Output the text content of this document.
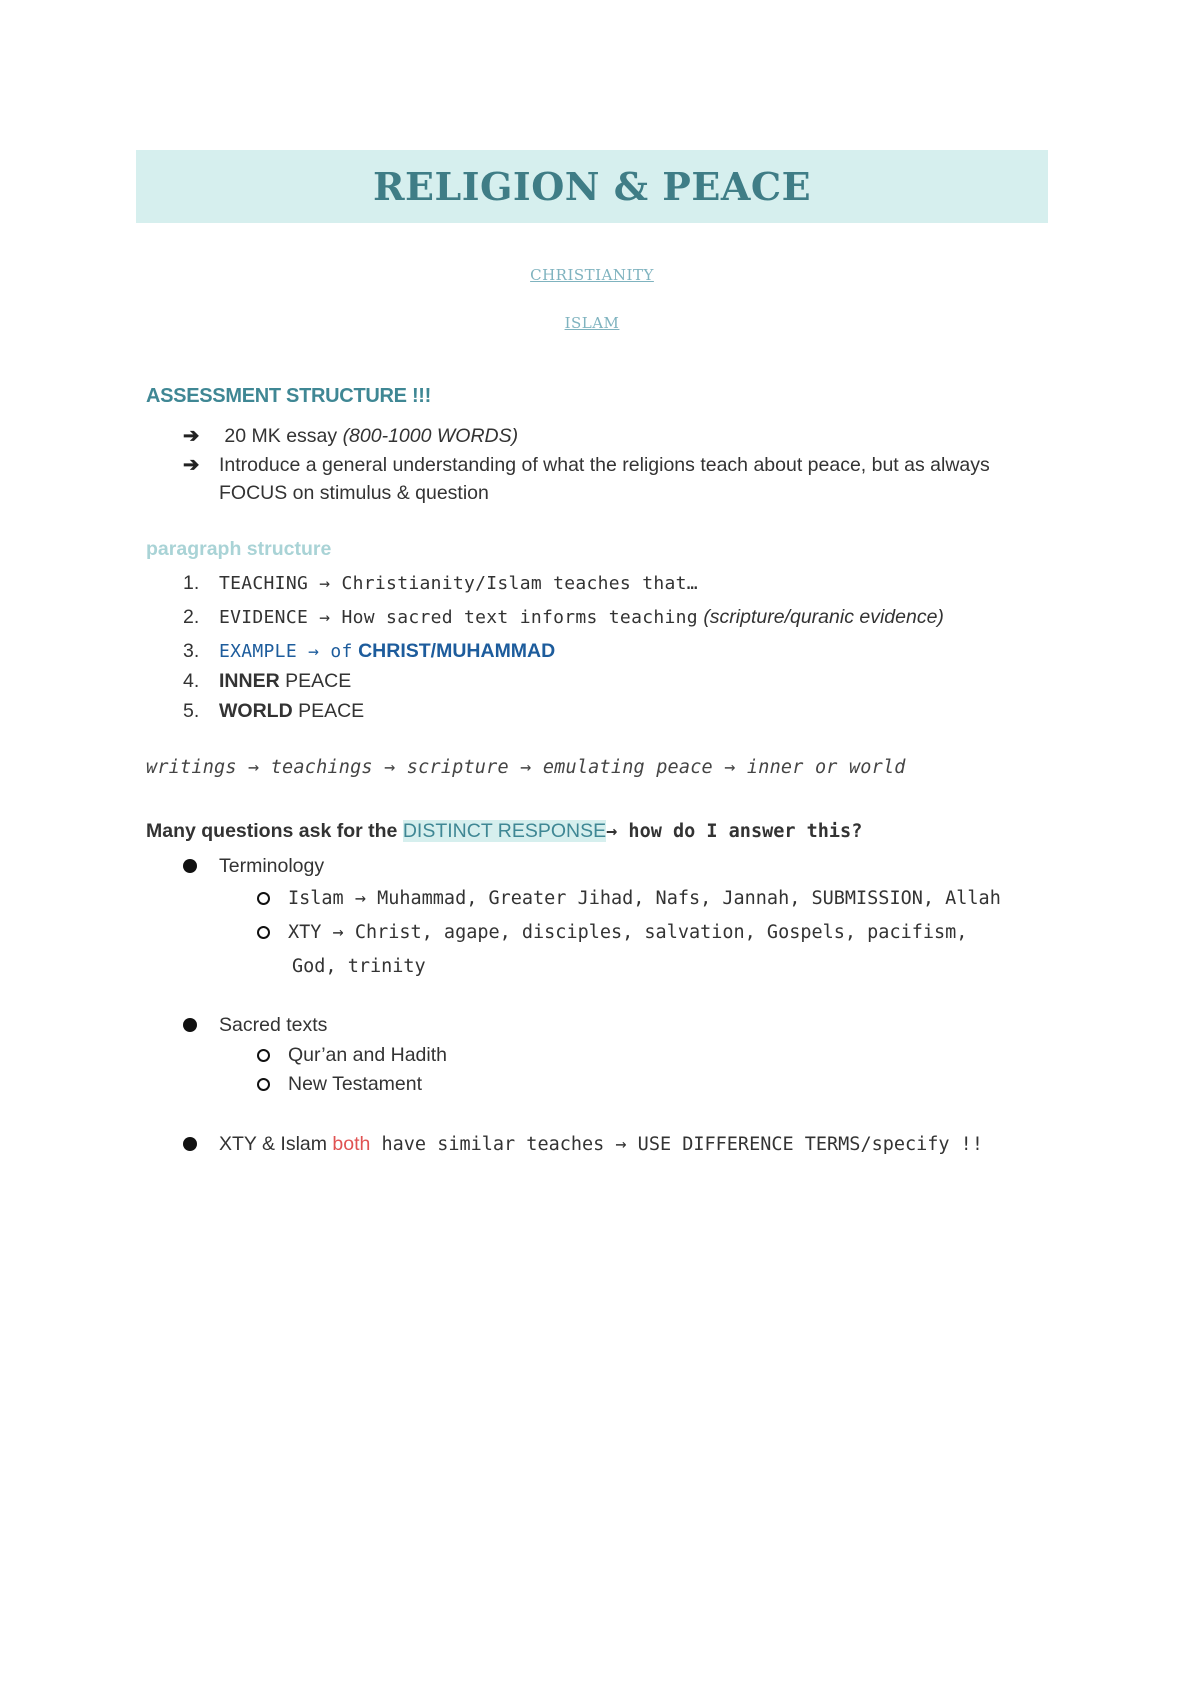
RELIGION & PEACE
CHRISTIANITY
ISLAM
ASSESSMENT STRUCTURE !!!
➔ 20 MK essay (800-1000 WORDS)
➔ Introduce a general understanding of what the religions teach about peace, but as always FOCUS on stimulus & question
paragraph structure
1. TEACHING → Christianity/Islam teaches that…
2. EVIDENCE → How sacred text informs teaching (scripture/quranic evidence)
3. EXAMPLE → of CHRIST/MUHAMMAD
4. INNER PEACE
5. WORLD PEACE
writings → teachings → scripture → emulating peace → inner or world
Many questions ask for the DISTINCT RESPONSE→ how do I answer this?
Terminology
Islam → Muhammad, Greater Jihad, Nafs, Jannah, SUBMISSION, Allah
XTY → Christ, agape, disciples, salvation, Gospels, pacifism,
God, trinity
Sacred texts
Qur’an and Hadith
New Testament
XTY & Islam both have similar teaches → USE DIFFERENCE TERMS/specify !!
